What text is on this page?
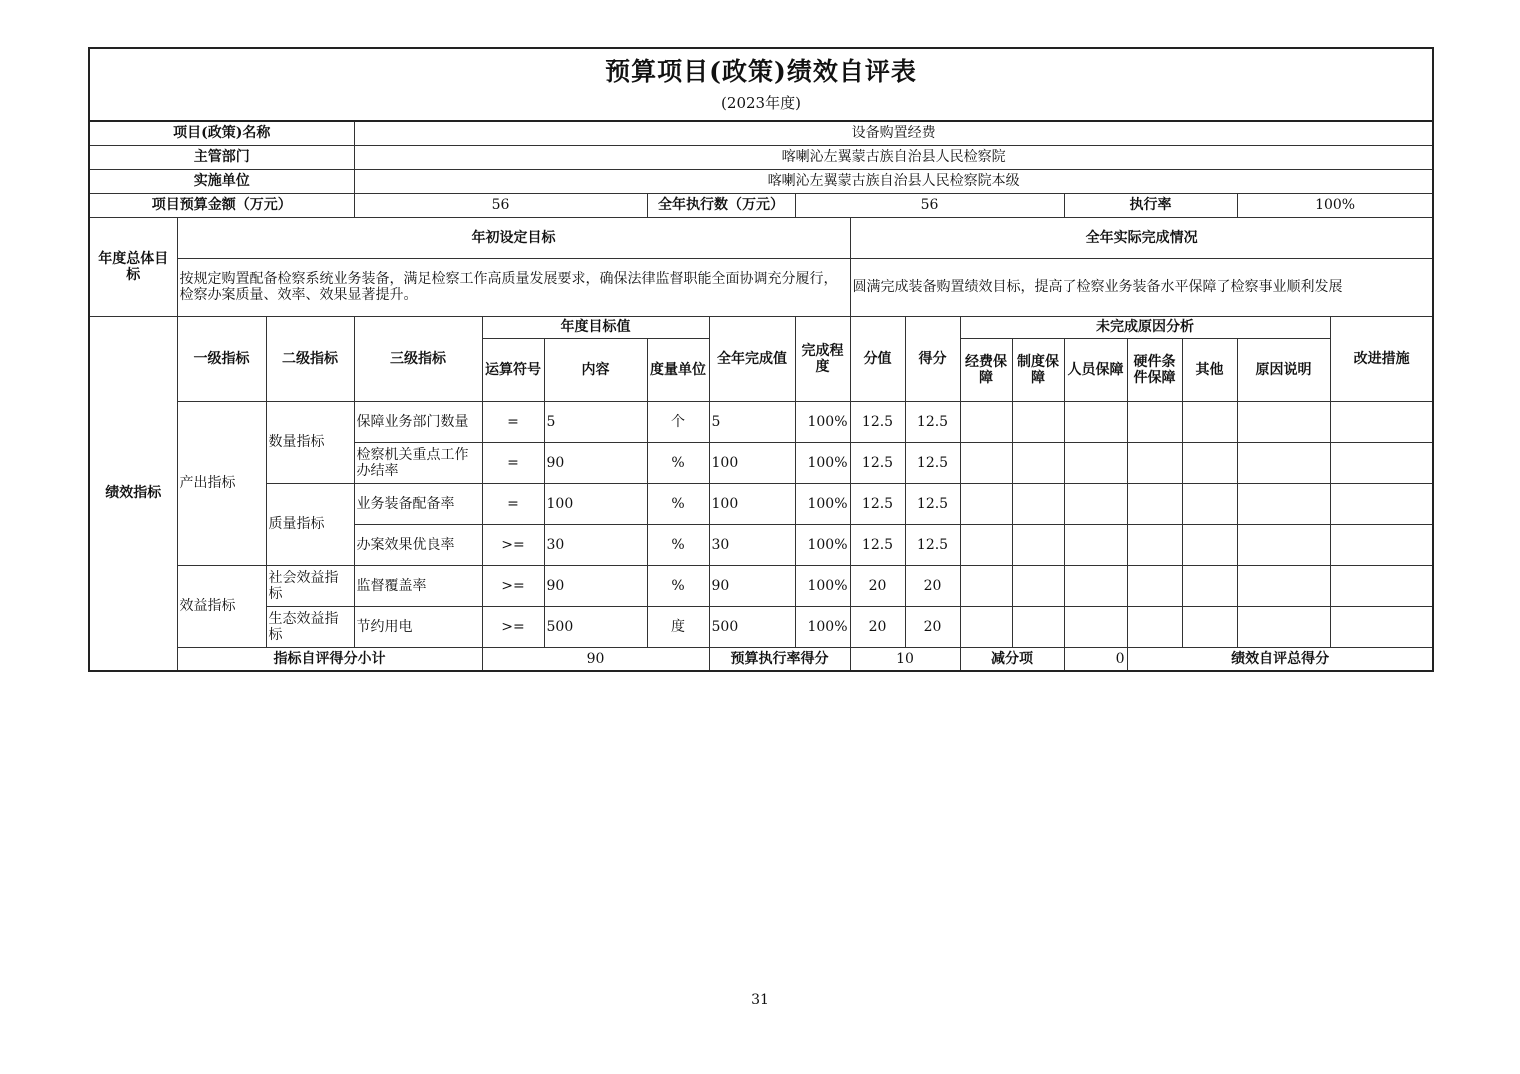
预算项目(政策)绩效自评表
(2023年度)
项目(政策)名称			设备购置经费															
主管部门			喀喇沁左翼蒙古族自治县人民检察院															
实施单位			喀喇沁左翼蒙古族自治县人民检察院本级															
项目预算金额（万元）			56			全年执行数（万元）		56					执行率			100%		
年度总体目标	年初设定目标								全年实际完成情况									
	按规定购置配备检察系统业务装备，满足检察工作高质量发展要求，确保法律监督职能全面协调充分履行，检察办案质量、效率、效果显著提升。								圆满完成装备购置绩效目标，提高了检察业务装备水平保障了检察事业顺利发展									
绩效指标	一级指标	二级指标	三级指标	年度目标值			全年完成值	完成程度	分值	得分	未完成原因分析						改进措施	
				运算符号	内容	度量单位					经费保障	制度保障	人员保障	硬件条件保障	其他	原因说明		
	产出指标	数量指标	保障业务部门数量	=	5	个	5	100%	12.5	12.5								
			检察机关重点工作办结率	=	90	%	100	100%	12.5	12.5								
		质量指标	业务装备配备率	=	100	%	100	100%	12.5	12.5								
			办案效果优良率	>=	30	%	30	100%	12.5	12.5								
	效益指标	社会效益指标	监督覆盖率	>=	90	%	90	100%	20	20								
		生态效益指标	节约用电	>=	500	度	500	100%	20	20								
	指标自评得分小计			90			预算执行率得分		10		减分项		0	绩效自评总得分	
31
